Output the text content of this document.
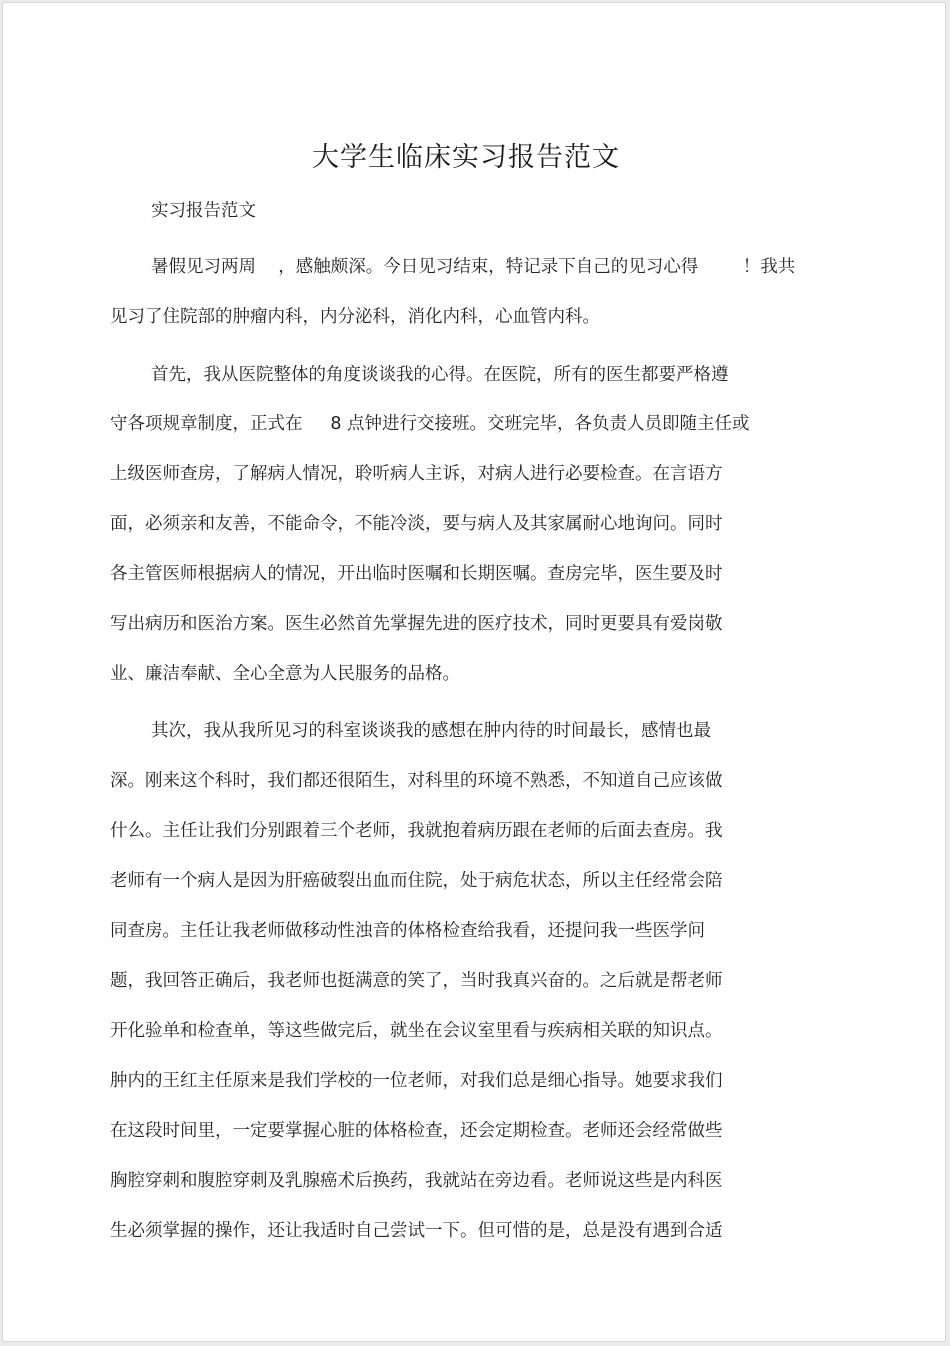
大学生临床实习报告范文
实习报告范文
暑假见习两周    ，感触颇深。今日见习结束，特记录下自己的见习心得        ！我共
见习了住院部的肿瘤内科，内分泌科，消化内科，心血管内科。
首先，我从医院整体的角度谈谈我的心得。在医院，所有的医生都要严格遵
守各项规章制度，正式在     8 点钟进行交接班。交班完毕，各负责人员即随主任或
上级医师查房，了解病人情况，聆听病人主诉，对病人进行必要检查。在言语方
面，必须亲和友善，不能命令，不能冷淡，要与病人及其家属耐心地询问。同时
各主管医师根据病人的情况，开出临时医嘱和长期医嘱。查房完毕，医生要及时
写出病历和医治方案。医生必然首先掌握先进的医疗技术，同时更要具有爱岗敬
业、廉洁奉献、全心全意为人民服务的品格。
其次，我从我所见习的科室谈谈我的感想在肿内待的时间最长，感情也最
深。刚来这个科时，我们都还很陌生，对科里的环境不熟悉，不知道自己应该做
什么。主任让我们分别跟着三个老师，我就抱着病历跟在老师的后面去查房。我
老师有一个病人是因为肝癌破裂出血而住院，处于病危状态，所以主任经常会陪
同查房。主任让我老师做移动性浊音的体格检查给我看，还提问我一些医学问
题，我回答正确后，我老师也挺满意的笑了，当时我真兴奋的。之后就是帮老师
开化验单和检查单，等这些做完后，就坐在会议室里看与疾病相关联的知识点。
肿内的王红主任原来是我们学校的一位老师，对我们总是细心指导。她要求我们
在这段时间里，一定要掌握心脏的体格检查，还会定期检查。老师还会经常做些
胸腔穿刺和腹腔穿刺及乳腺癌术后换药，我就站在旁边看。老师说这些是内科医
生必须掌握的操作，还让我适时自己尝试一下。但可惜的是，总是没有遇到合适
